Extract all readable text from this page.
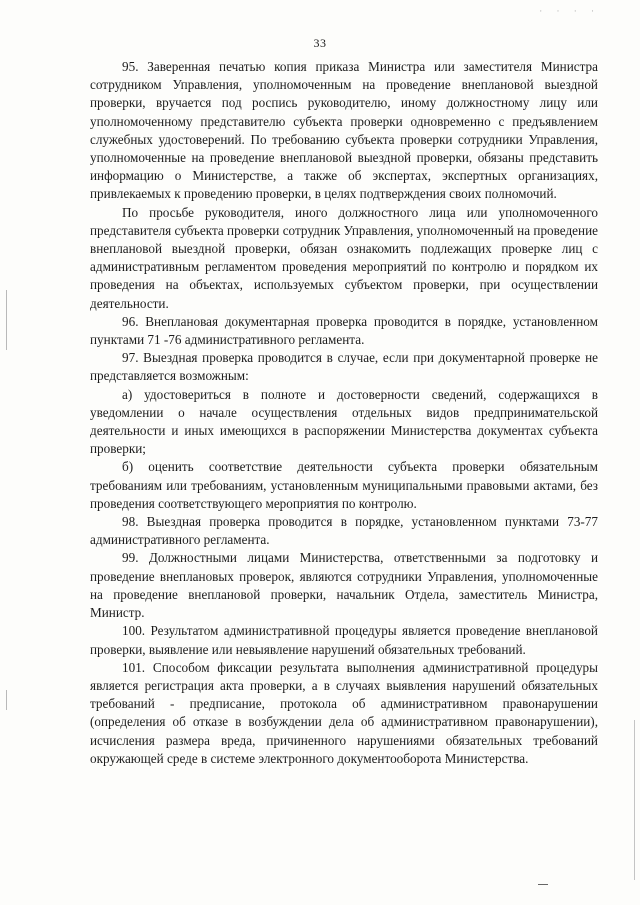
· · · ·
33

95. Заверенная печатью копия приказа Министра или заместителя Министра сотрудником Управления, уполномоченным на проведение внеплановой выездной проверки, вручается под роспись руководителю, иному должностному лицу или уполномоченному представителю субъекта проверки одновременно с предъявлением служебных удостоверений. По требованию субъекта проверки сотрудники Управления, уполномоченные на проведение внеплановой выездной проверки, обязаны представить информацию о Министерстве, а также об экспертах, экспертных организациях, привлекаемых к проведению проверки, в целях подтверждения своих полномочий.

По просьбе руководителя, иного должностного лица или уполномоченного представителя субъекта проверки сотрудник Управления, уполномоченный на проведение внеплановой выездной проверки, обязан ознакомить подлежащих проверке лиц с административным регламентом проведения мероприятий по контролю и порядком их проведения на объектах, используемых субъектом проверки, при осуществлении деятельности.

96. Внеплановая документарная проверка проводится в порядке, установленном пунктами 71 -76 административного регламента.

97. Выездная проверка проводится в случае, если при документарной проверке не представляется возможным:

а) удостовериться в полноте и достоверности сведений, содержащихся в уведомлении о начале осуществления отдельных видов предпринимательской деятельности и иных имеющихся в распоряжении Министерства документах субъекта проверки;

б) оценить соответствие деятельности субъекта проверки обязательным требованиям или требованиям, установленным муниципальными правовыми актами, без проведения соответствующего мероприятия по контролю.

98. Выездная проверка проводится в порядке, установленном пунктами 73-77 административного регламента.

99. Должностными лицами Министерства, ответственными за подготовку и проведение внеплановых проверок, являются сотрудники Управления, уполномоченные на проведение внеплановой проверки, начальник Отдела, заместитель Министра, Министр.

100. Результатом административной процедуры является проведение внеплановой проверки, выявление или невыявление нарушений обязательных требований.

101. Способом фиксации результата выполнения административной процедуры является регистрация акта проверки, а в случаях выявления нарушений обязательных требований - предписание, протокола об административном правонарушении (определения об отказе в возбуждении дела об административном правонарушении), исчисления размера вреда, причиненного нарушениями обязательных требований окружающей среде в системе электронного документооборота Министерства.
